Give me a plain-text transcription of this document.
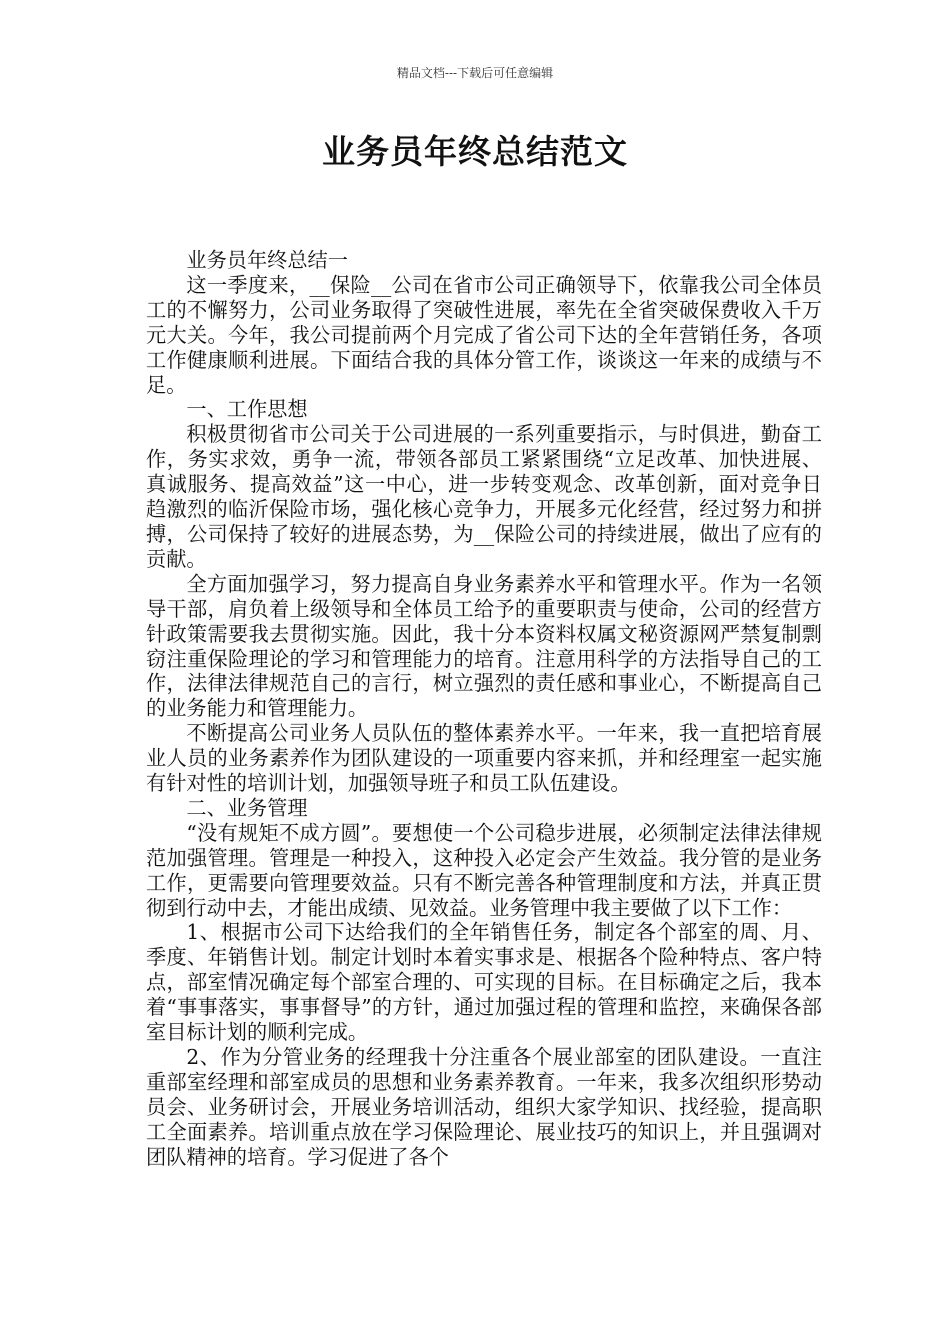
精品文档---下载后可任意编辑
业务员年终总结范文

业务员年终总结一

这一季度来，__保险__公司在省市公司正确领导下，依靠我公司全体员工的不懈努力，公司业务取得了突破性进展，率先在全省突破保费收入千万元大关。今年，我公司提前两个月完成了省公司下达的全年营销任务，各项工作健康顺利进展。下面结合我的具体分管工作，谈谈这一年来的成绩与不足。

一、工作思想

积极贯彻省市公司关于公司进展的一系列重要指示，与时俱进，勤奋工作，务实求效，勇争一流，带领各部员工紧紧围绕“立足改革、加快进展、真诚服务、提高效益”这一中心，进一步转变观念、改革创新，面对竞争日趋激烈的临沂保险市场，强化核心竞争力，开展多元化经营，经过努力和拼搏，公司保持了较好的进展态势，为__保险公司的持续进展，做出了应有的贡献。

全方面加强学习，努力提高自身业务素养水平和管理水平。作为一名领导干部，肩负着上级领导和全体员工给予的重要职责与使命，公司的经营方针政策需要我去贯彻实施。因此，我十分本资料权属文秘资源网严禁复制剽窃注重保险理论的学习和管理能力的培育。注意用科学的方法指导自己的工作，法律法律规范自己的言行，树立强烈的责任感和事业心，不断提高自己的业务能力和管理能力。

不断提高公司业务人员队伍的整体素养水平。一年来，我一直把培育展业人员的业务素养作为团队建设的一项重要内容来抓，并和经理室一起实施有针对性的培训计划，加强领导班子和员工队伍建设。

二、业务管理

“没有规矩不成方圆”。要想使一个公司稳步进展，必须制定法律法律规范加强管理。管理是一种投入，这种投入必定会产生效益。我分管的是业务工作，更需要向管理要效益。只有不断完善各种管理制度和方法，并真正贯彻到行动中去，才能出成绩、见效益。业务管理中我主要做了以下工作：

1、根据市公司下达给我们的全年销售任务，制定各个部室的周、月、季度、年销售计划。制定计划时本着实事求是、根据各个险种特点、客户特点，部室情况确定每个部室合理的、可实现的目标。在目标确定之后，我本着“事事落实，事事督导”的方针，通过加强过程的管理和监控，来确保各部室目标计划的顺利完成。

2、作为分管业务的经理我十分注重各个展业部室的团队建设。一直注重部室经理和部室成员的思想和业务素养教育。一年来，我多次组织形势动员会、业务研讨会，开展业务培训活动，组织大家学知识、找经验，提高职工全面素养。培训重点放在学习保险理论、展业技巧的知识上，并且强调对团队精神的培育。学习促进了各个
